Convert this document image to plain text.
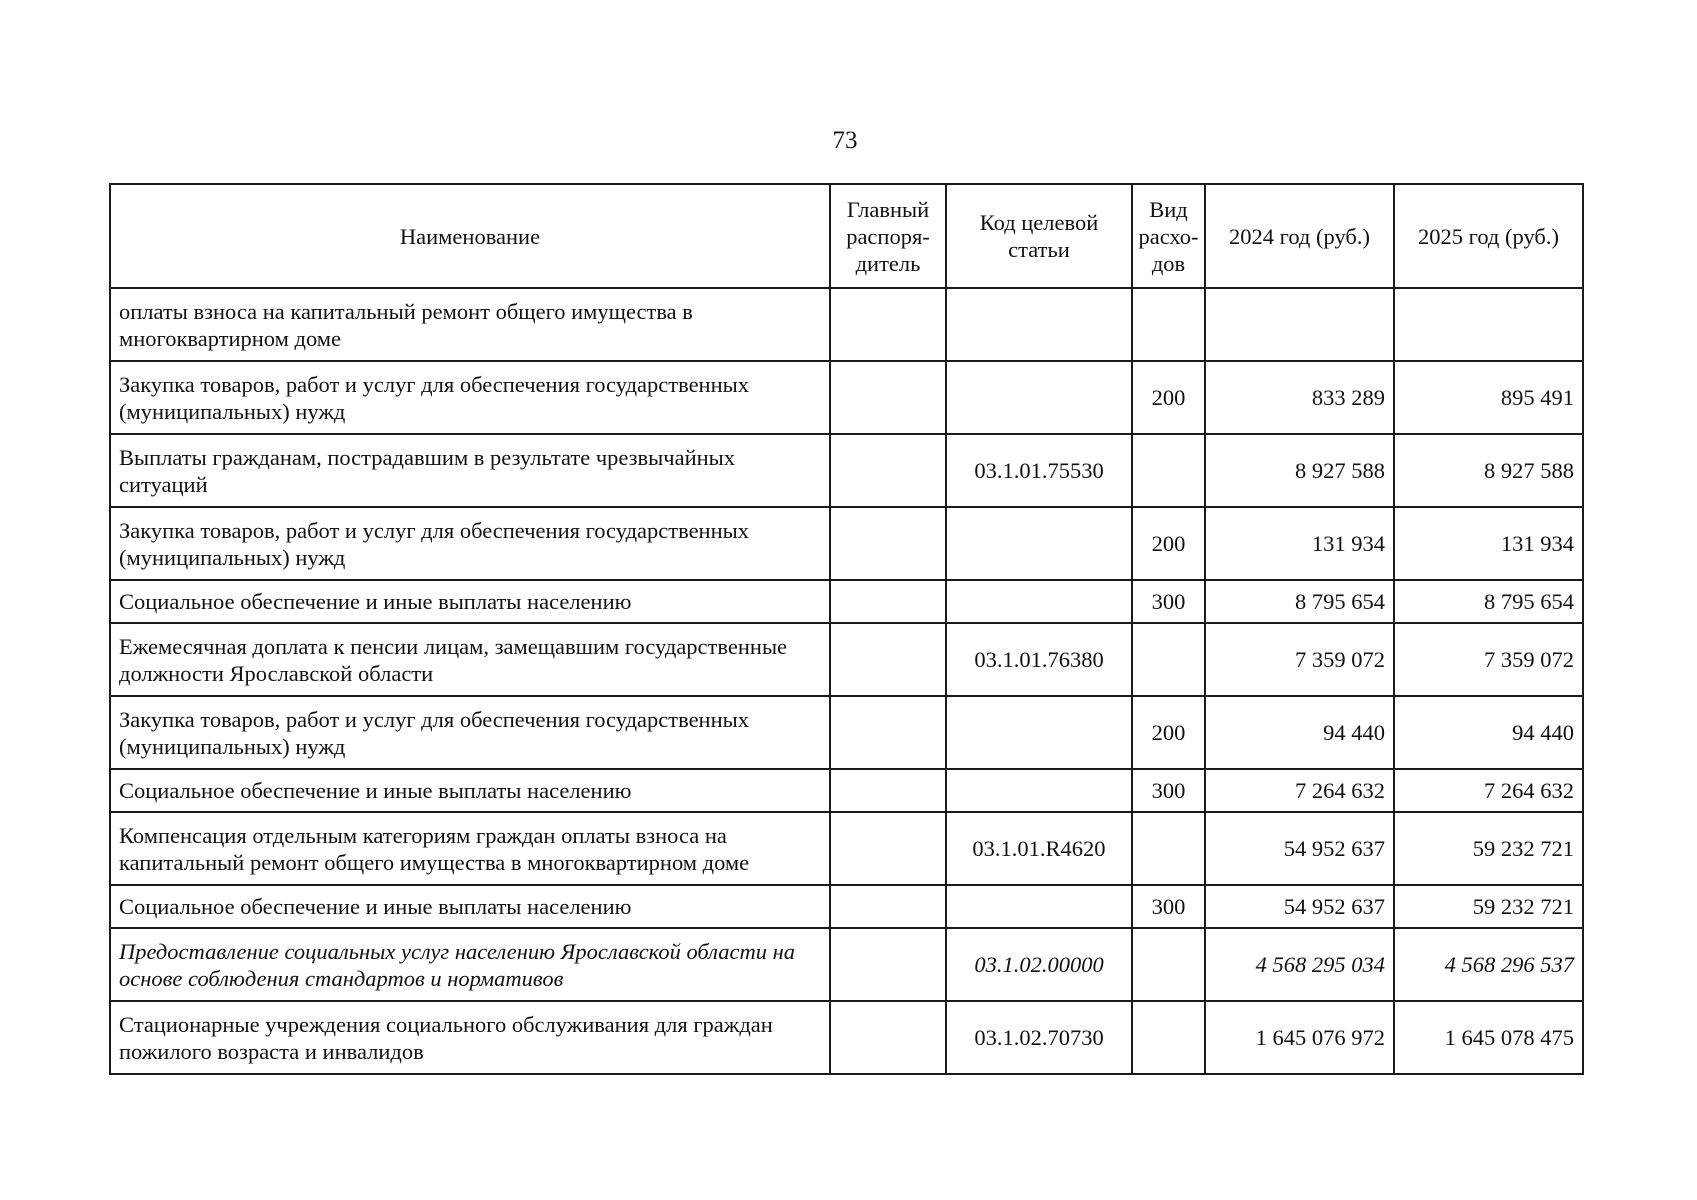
73
Наименование	Главный распоря-дитель	Код целевой статьи	Вид расхо-дов	2024 год (руб.)	2025 год (руб.)
оплаты взноса на капитальный ремонт общего имущества в многоквартирном доме					
Закупка товаров, работ и услуг для обеспечения государственных (муниципальных) нужд			200	833 289	895 491
Выплаты гражданам, пострадавшим в результате чрезвычайных ситуаций		03.1.01.75530		8 927 588	8 927 588
Закупка товаров, работ и услуг для обеспечения государственных (муниципальных) нужд			200	131 934	131 934
Социальное обеспечение и иные выплаты населению			300	8 795 654	8 795 654
Ежемесячная доплата к пенсии лицам, замещавшим государственные должности Ярославской области		03.1.01.76380		7 359 072	7 359 072
Закупка товаров, работ и услуг для обеспечения государственных (муниципальных) нужд			200	94 440	94 440
Социальное обеспечение и иные выплаты населению			300	7 264 632	7 264 632
Компенсация отдельным категориям граждан оплаты взноса на капитальный ремонт общего имущества в многоквартирном доме		03.1.01.R4620		54 952 637	59 232 721
Социальное обеспечение и иные выплаты населению			300	54 952 637	59 232 721
Предоставление социальных услуг населению Ярославской области на основе соблюдения стандартов и нормативов		03.1.02.00000		4 568 295 034	4 568 296 537
Стационарные учреждения социального обслуживания для граждан пожилого возраста и инвалидов		03.1.02.70730		1 645 076 972	1 645 078 475
